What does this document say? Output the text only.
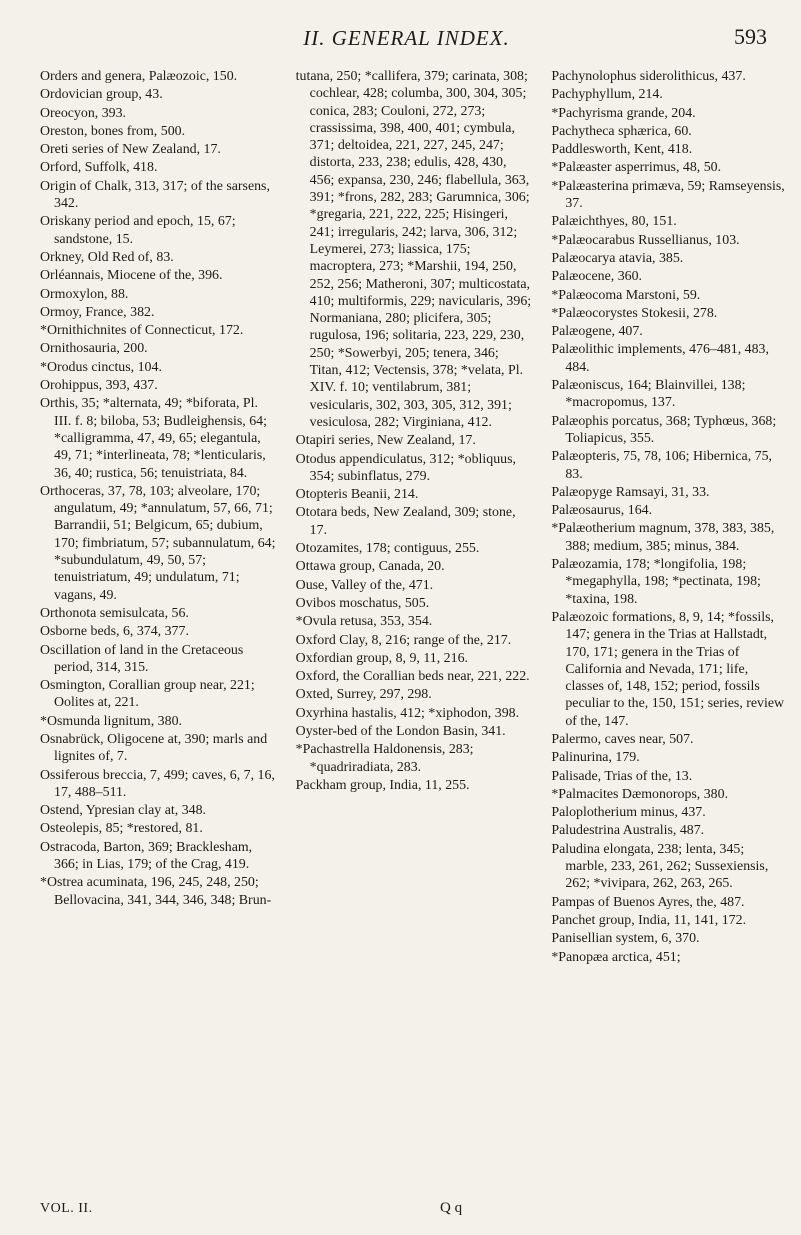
II. GENERAL INDEX.	593
Orders and genera, Palæozoic, 150.
Ordovician group, 43.
Oreocyon, 393.
Oreston, bones from, 500.
Oreti series of New Zealand, 17.
Orford, Suffolk, 418.
Origin of Chalk, 313, 317; of the sarsens, 342.
Oriskany period and epoch, 15, 67; sandstone, 15.
Orkney, Old Red of, 83.
Orléannais, Miocene of the, 396.
Ormoxylon, 88.
Ormoy, France, 382.
*Ornithichnites of Connecticut, 172.
Ornithosauria, 200.
*Orodus cinctus, 104.
Orohippus, 393, 437.
Orthis, 35; *alternata, 49; *biforata, Pl. III. f. 8; biloba, 53; Budleighensis, 64; *calligramma, 47, 49, 65; elegantula, 49, 71; *interlineata, 78; *lenticularis, 36, 40; rustica, 56; tenuistriata, 84.
Orthoceras, 37, 78, 103; alveolare, 170; angulatum, 49; *annulatum, 57, 66, 71; Barrandii, 51; Belgicum, 65; dubium, 170; fimbriatum, 57; subannulatum, 64; *subundulatum, 49, 50, 57; tenuistriatum, 49; undulatum, 71; vagans, 49.
Orthonota semisulcata, 56.
Osborne beds, 6, 374, 377.
Oscillation of land in the Cretaceous period, 314, 315.
Osmington, Corallian group near, 221; Oolites at, 221.
*Osmunda lignitum, 380.
Osnabrück, Oligocene at, 390; marls and lignites of, 7.
Ossiferous breccia, 7, 499; caves, 6, 7, 16, 17, 488–511.
Ostend, Ypresian clay at, 348.
Osteolepis, 85; *restored, 81.
Ostracoda, Barton, 369; Bracklesham, 366; in Lias, 179; of the Crag, 419.
*Ostrea acuminata, 196, 245, 248, 250; Bellovacina, 341, 344, 346, 348; Brun-
tutana, 250; *callifera, 379; carinata, 308; cochlear, 428; columba, 300, 304, 305; conica, 283; Couloni, 272, 273; crassissima, 398, 400, 401; cymbula, 371; deltoidea, 221, 227, 245, 247; distorta, 233, 238; edulis, 428, 430, 456; expansa, 230, 246; flabellula, 363, 391; *frons, 282, 283; Garumnica, 306; *gregaria, 221, 222, 225; Hisingeri, 241; irregularis, 242; larva, 306, 312; Leymerei, 273; liassica, 175; macroptera, 273; *Marshii, 194, 250, 252, 256; Matheroni, 307; multicostata, 410; multiformis, 229; navicularis, 396; Normaniana, 280; plicifera, 305; rugulosa, 196; solitaria, 223, 229, 230, 250; *Sowerbyi, 205; tenera, 346; Titan, 412; Vectensis, 378; *velata, Pl. XIV. f. 10; ventilabrum, 381; vesicularis, 302, 303, 305, 312, 391; vesiculosa, 282; Virginiana, 412.
Otapiri series, New Zealand, 17.
Otodus appendiculatus, 312; *obliquus, 354; subinflatus, 279.
Otopteris Beanii, 214.
Ototara beds, New Zealand, 309; stone, 17.
Otozamites, 178; contiguus, 255.
Ottawa group, Canada, 20.
Ouse, Valley of the, 471.
Ovibos moschatus, 505.
*Ovula retusa, 353, 354.
Oxford Clay, 8, 216; range of the, 217.
Oxfordian group, 8, 9, 11, 216.
Oxford, the Corallian beds near, 221, 222.
Oxted, Surrey, 297, 298.
Oxyrhina hastalis, 412; *xiphodon, 398.
Oyster-bed of the London Basin, 341.
*Pachastrella Haldonensis, 283; *quadriradiata, 283.
Packham group, India, 11, 255.
Pachynolophus siderolithicus, 437.
Pachyphyllum, 214.
*Pachyrisma grande, 204.
Pachytheca sphærica, 60.
Paddlesworth, Kent, 418.
*Palæaster asperrimus, 48, 50.
*Palæasterina primæva, 59; Ramseyensis, 37.
Palæichthyes, 80, 151.
*Palæocarabus Russellianus, 103.
Palæocarya atavia, 385.
Palæocene, 360.
*Palæocoma Marstoni, 59.
*Palæocorystes Stokesii, 278.
Palæogene, 407.
Palæolithic implements, 476–481, 483, 484.
Palæoniscus, 164; Blainvillei, 138; *macropomus, 137.
Palæophis porcatus, 368; Typhœus, 368; Toliapicus, 355.
Palæopteris, 75, 78, 106; Hibernica, 75, 83.
Palæopyge Ramsayi, 31, 33.
Palæosaurus, 164.
*Palæotherium magnum, 378, 383, 385, 388; medium, 385; minus, 384.
Palæozamia, 178; *longifolia, 198; *megaphylla, 198; *pectinata, 198; *taxina, 198.
Palæozoic formations, 8, 9, 14; *fossils, 147; genera in the Trias at Hallstadt, 170, 171; genera in the Trias of California and Nevada, 171; life, classes of, 148, 152; period, fossils peculiar to the, 150, 151; series, review of the, 147.
Palermo, caves near, 507.
Palinurina, 179.
Palisade, Trias of the, 13.
*Palmacites Dæmonorops, 380.
Paloplotherium minus, 437.
Paludestrina Australis, 487.
Paludina elongata, 238; lenta, 345; marble, 233, 261, 262; Sussexiensis, 262; *vivipara, 262, 263, 265.
Pampas of Buenos Ayres, the, 487.
Panchet group, India, 11, 141, 172.
Panisellian system, 6, 370.
*Panopæa arctica, 451;
VOL. II.	Q q
